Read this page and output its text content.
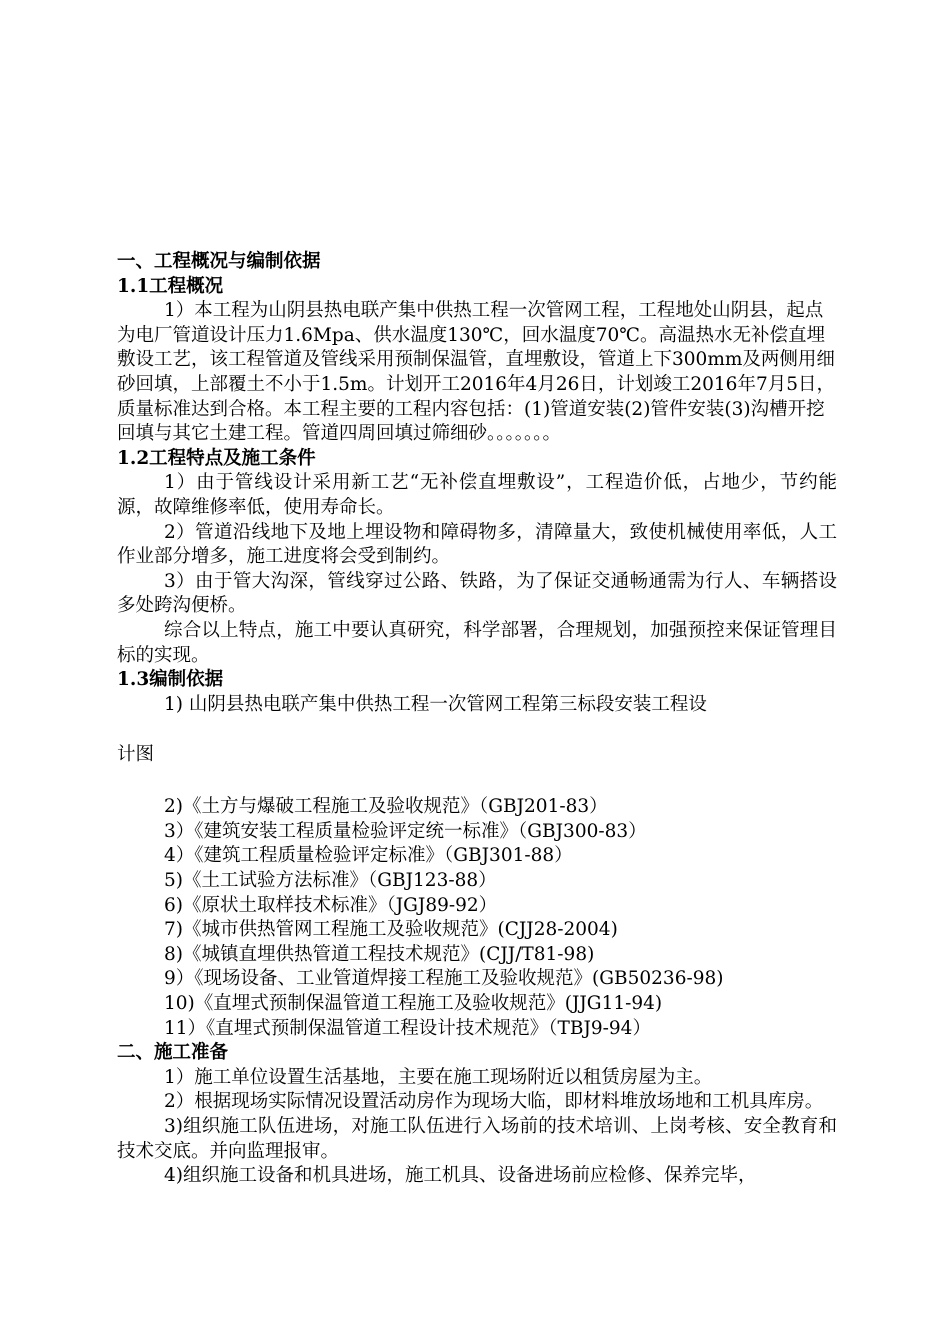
一、工程概况与编制依据

1.1工程概况

1）本工程为山阴县热电联产集中供热工程一次管网工程，工程地处山阴县，起点为电厂管道设计压力1.6Mpa、供水温度130℃，回水温度70℃。高温热水无补偿直埋敷设工艺，该工程管道及管线采用预制保温管，直埋敷设，管道上下300mm及两侧用细砂回填，上部覆土不小于1.5m。计划开工2016年4月26日，计划竣工2016年7月5日，质量标准达到合格。本工程主要的工程内容包括：(1)管道安装(2)管件安装(3)沟槽开挖回填与其它土建工程。管道四周回填过筛细砂。。。。。。。

1.2工程特点及施工条件

1）由于管线设计采用新工艺“无补偿直埋敷设”，工程造价低，占地少，节约能源，故障维修率低，使用寿命长。

2）管道沿线地下及地上埋设物和障碍物多，清障量大，致使机械使用率低，人工作业部分增多，施工进度将会受到制约。

3）由于管大沟深，管线穿过公路、铁路，为了保证交通畅通需为行人、车辆搭设多处跨沟便桥。

综合以上特点，施工中要认真研究，科学部署，合理规划，加强预控来保证管理目标的实现。

1.3编制依据

1) 山阴县热电联产集中供热工程一次管网工程第三标段安装工程设

计图

2)《土方与爆破工程施工及验收规范》（GBJ201-83）

3）《建筑安装工程质量检验评定统一标准》（GBJ300-83）

4）《建筑工程质量检验评定标准》（GBJ301-88）

5)《土工试验方法标准》（GBJ123-88）

6)《原状土取样技术标准》（JGJ89-92）

7)《城市供热管网工程施工及验收规范》(CJJ28-2004)

8)《城镇直埋供热管道工程技术规范》(CJJ/T81-98)

9）《现场设备、工业管道焊接工程施工及验收规范》(GB50236-98)

10)《直埋式预制保温管道工程施工及验收规范》(JJG11-94)

11）《直埋式预制保温管道工程设计技术规范》（TBJ9-94）

二、施工准备

1）施工单位设置生活基地，主要在施工现场附近以租赁房屋为主。

2）根据现场实际情况设置活动房作为现场大临，即材料堆放场地和工机具库房。

3)组织施工队伍进场，对施工队伍进行入场前的技术培训、上岗考核、安全教育和技术交底。并向监理报审。

4)组织施工设备和机具进场，施工机具、设备进场前应检修、保养完毕，
